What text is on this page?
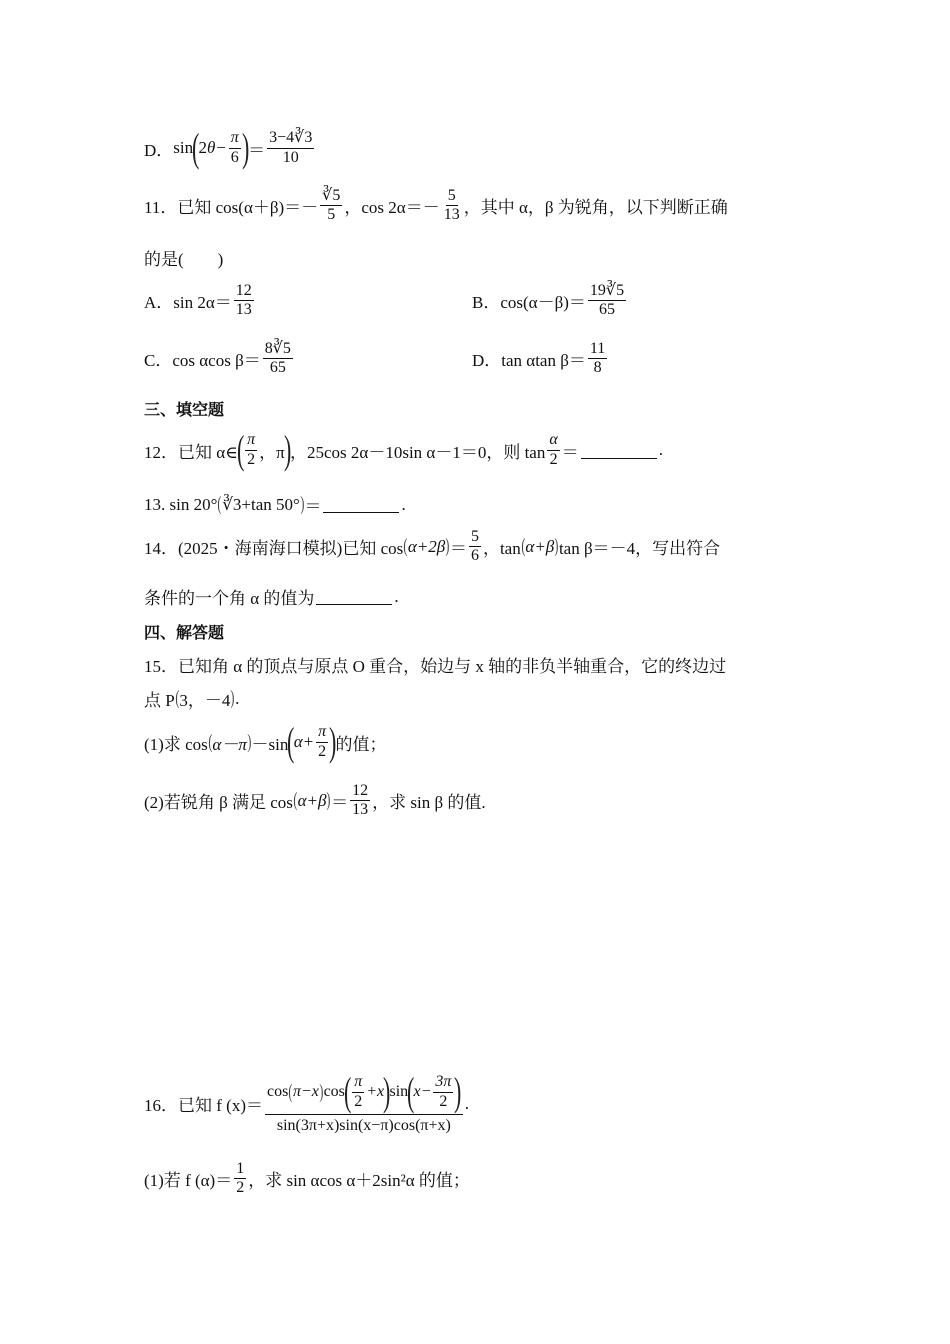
D． sin
(
2 $\theta- \frac{\pi}{6}$ )
＝ $\frac{3-4∛3}{10}$
11．已知 $\cos(\alpha+\beta)=- \frac{∛5}{5}$ ，$\cos 2\alpha=- \frac{5}{13}$ ，其中 α，β 为锐角，以下判断正确
的是(　　)
A．$\sin 2\alpha= \frac{12}{13}$	B．$\cos(\alpha-\beta)= \frac{19∛5}{65}$
C．cos αcos $\beta= \frac{8∛5}{65}$	D．tan αtan $\beta= \frac{11}{8}$
三、填空题
12．已知 α∈
( $\frac{\pi}{2}$ ，π
)
，25cos 2α－10sin α－1＝0，则 $\tan \frac{\alpha}{2}$ ＝	.
13. sin 20° ( ∛3+tan 50° ) ＝	.
14．(2025・海南海口模拟)已知 cos ( α+2β ) ＝ $\frac{5}{6}$ ，tan ( α+β ) tan β＝－4，写出符合
条件的一个角 α 的值为	.
四、解答题
15．已知角 α 的顶点与原点 O 重合，始边与 x 轴的非负半轴重合，它的终边过
点 P ( 3，－4 ) .
(1)求 cos ( α－π ) －sin
(
$\alpha+ \frac{\pi}{2}$ )
的值；
(2)若锐角 β 满足 cos ( α+β ) ＝ $\frac{12}{13}$ ，求 sin β 的值.
16．已知 f (x)＝
cos ( π−x ) cos
( $\frac{\pi}{2} +x$
)
sin
(
$x- \frac{3\pi}{2}$ )
sin(3π+x)sin(x−π)cos(π+x)
.
(1)若 f $(\alpha)= \frac{1}{2}$ ，求 sin αcos α＋2sin²α 的值；
